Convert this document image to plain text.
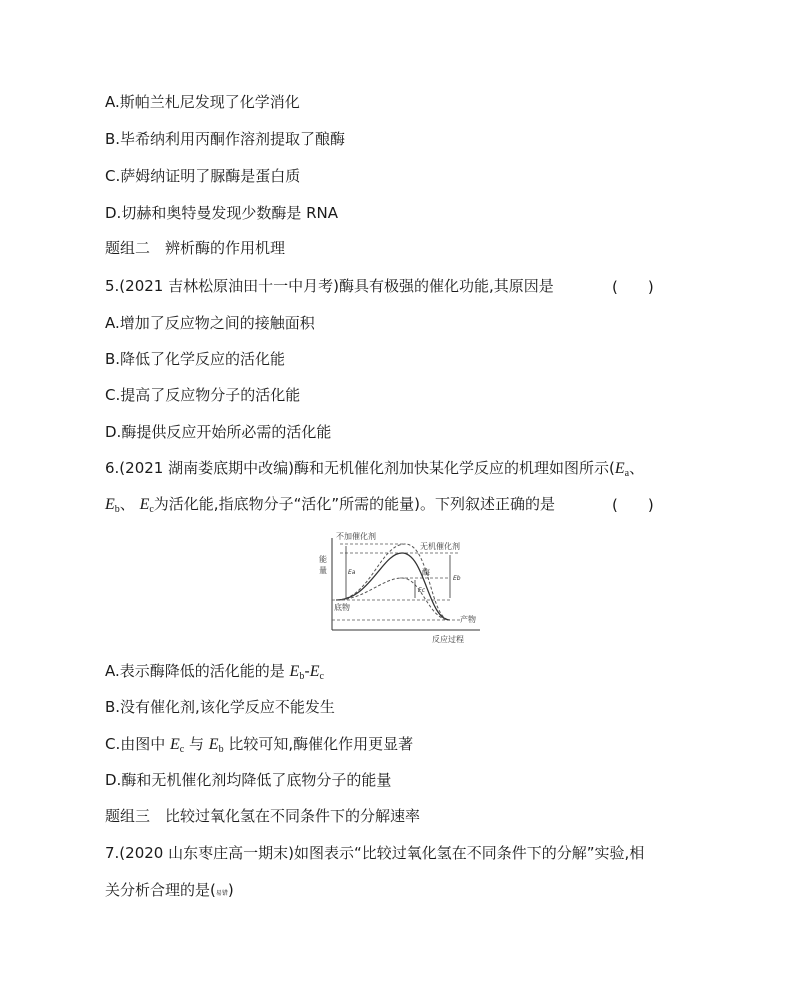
A.斯帕兰札尼发现了化学消化
B.毕希纳利用丙酮作溶剂提取了酿酶
C.萨姆纳证明了脲酶是蛋白质
D.切赫和奥特曼发现少数酶是 RNA
题组二　辨析酶的作用机理
5.(2021 吉林松原油田十一中月考)酶具有极强的催化功能,其原因是	(　　)
A.增加了反应物之间的接触面积
B.降低了化学反应的活化能
C.提高了反应物分子的活化能
D.酶提供反应开始所必需的活化能
6.(2021 湖南娄底期中改编)酶和无机催化剂加快某化学反应的机理如图所示($E_a$、
$E_b$、 $E_c$为活化能,指底物分子“活化”所需的能量)。下列叙述正确的是	(　　)
不加催化剂
无机催化剂
酶
能
量
底物
产物
反应过程
Ea
Eb
Ec
A.表示酶降低的活化能的是 $E_b-E_c$
B.没有催化剂,该化学反应不能发生
C.由图中 $E_c$ 与 $E_b$ 比较可知,酶催化作用更显著
D.酶和无机催化剂均降低了底物分子的能量
题组三　比较过氧化氢在不同条件下的分解速率
7.(2020 山东枣庄高一期末)如图表示“比较过氧化氢在不同条件下的分解”实验,相
关分析合理的是(易错)
